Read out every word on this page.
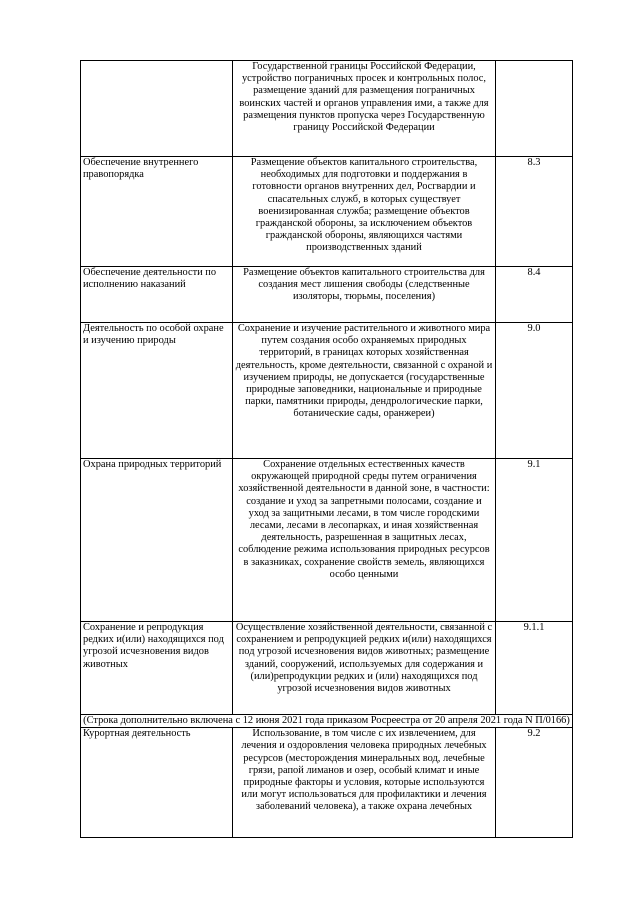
	Государственной границы Российской Федерации, устройство пограничных просек и контрольных полос, размещение зданий для размещения пограничных воинских частей и органов управления ими, а также для размещения пунктов пропуска через Государственную границу Российской Федерации	

Обеспечение внутреннего правопорядка	Размещение объектов капитального строительства, необходимых для подготовки и поддержания в готовности органов внутренних дел, Росгвардии и спасательных служб, в которых существует военизированная служба; размещение объектов гражданской обороны, за исключением объектов гражданской обороны, являющихся частями производственных зданий	8.3

Обеспечение деятельности по исполнению наказаний	Размещение объектов капитального строительства для создания мест лишения свободы (следственные изоляторы, тюрьмы, поселения)	8.4

Деятельность по особой охране и изучению природы	Сохранение и изучение растительного и животного мира путем создания особо охраняемых природных территорий, в границах которых хозяйственная деятельность, кроме деятельности, связанной с охраной и изучением природы, не допускается (государственные природные заповедники, национальные и природные парки, памятники природы, дендрологические парки, ботанические сады, оранжереи)	9.0

Охрана природных территорий	Сохранение отдельных естественных качеств окружающей природной среды путем ограничения хозяйственной деятельности в данной зоне, в частности: создание и уход за запретными полосами, создание и уход за защитными лесами, в том числе городскими лесами, лесами в лесопарках, и иная хозяйственная деятельность, разрешенная в защитных лесах, соблюдение режима использования природных ресурсов в заказниках, сохранение свойств земель, являющихся особо ценными	9.1

Сохранение и репродукция редких и(или) находящихся под угрозой исчезновения видов животных	Осуществление хозяйственной деятельности, связанной с сохранением и репродукцией редких и(или) находящихся под угрозой исчезновения видов животных; размещение зданий, сооружений, используемых для содержания и (или)репродукции редких и (или) находящихся под угрозой исчезновения видов животных	9.1.1

(Строка дополнительно включена с 12 июня 2021 года приказом Росреестра от 20 апреля 2021 года N П/0166)		

Курортная деятельность	Использование, в том числе с их извлечением, для лечения и оздоровления человека природных лечебных ресурсов (месторождения минеральных вод, лечебные грязи, рапой лиманов и озер, особый климат и иные природные факторы и условия, которые используются или могут использоваться для профилактики и лечения заболеваний человека), а также охрана лечебных	9.2
